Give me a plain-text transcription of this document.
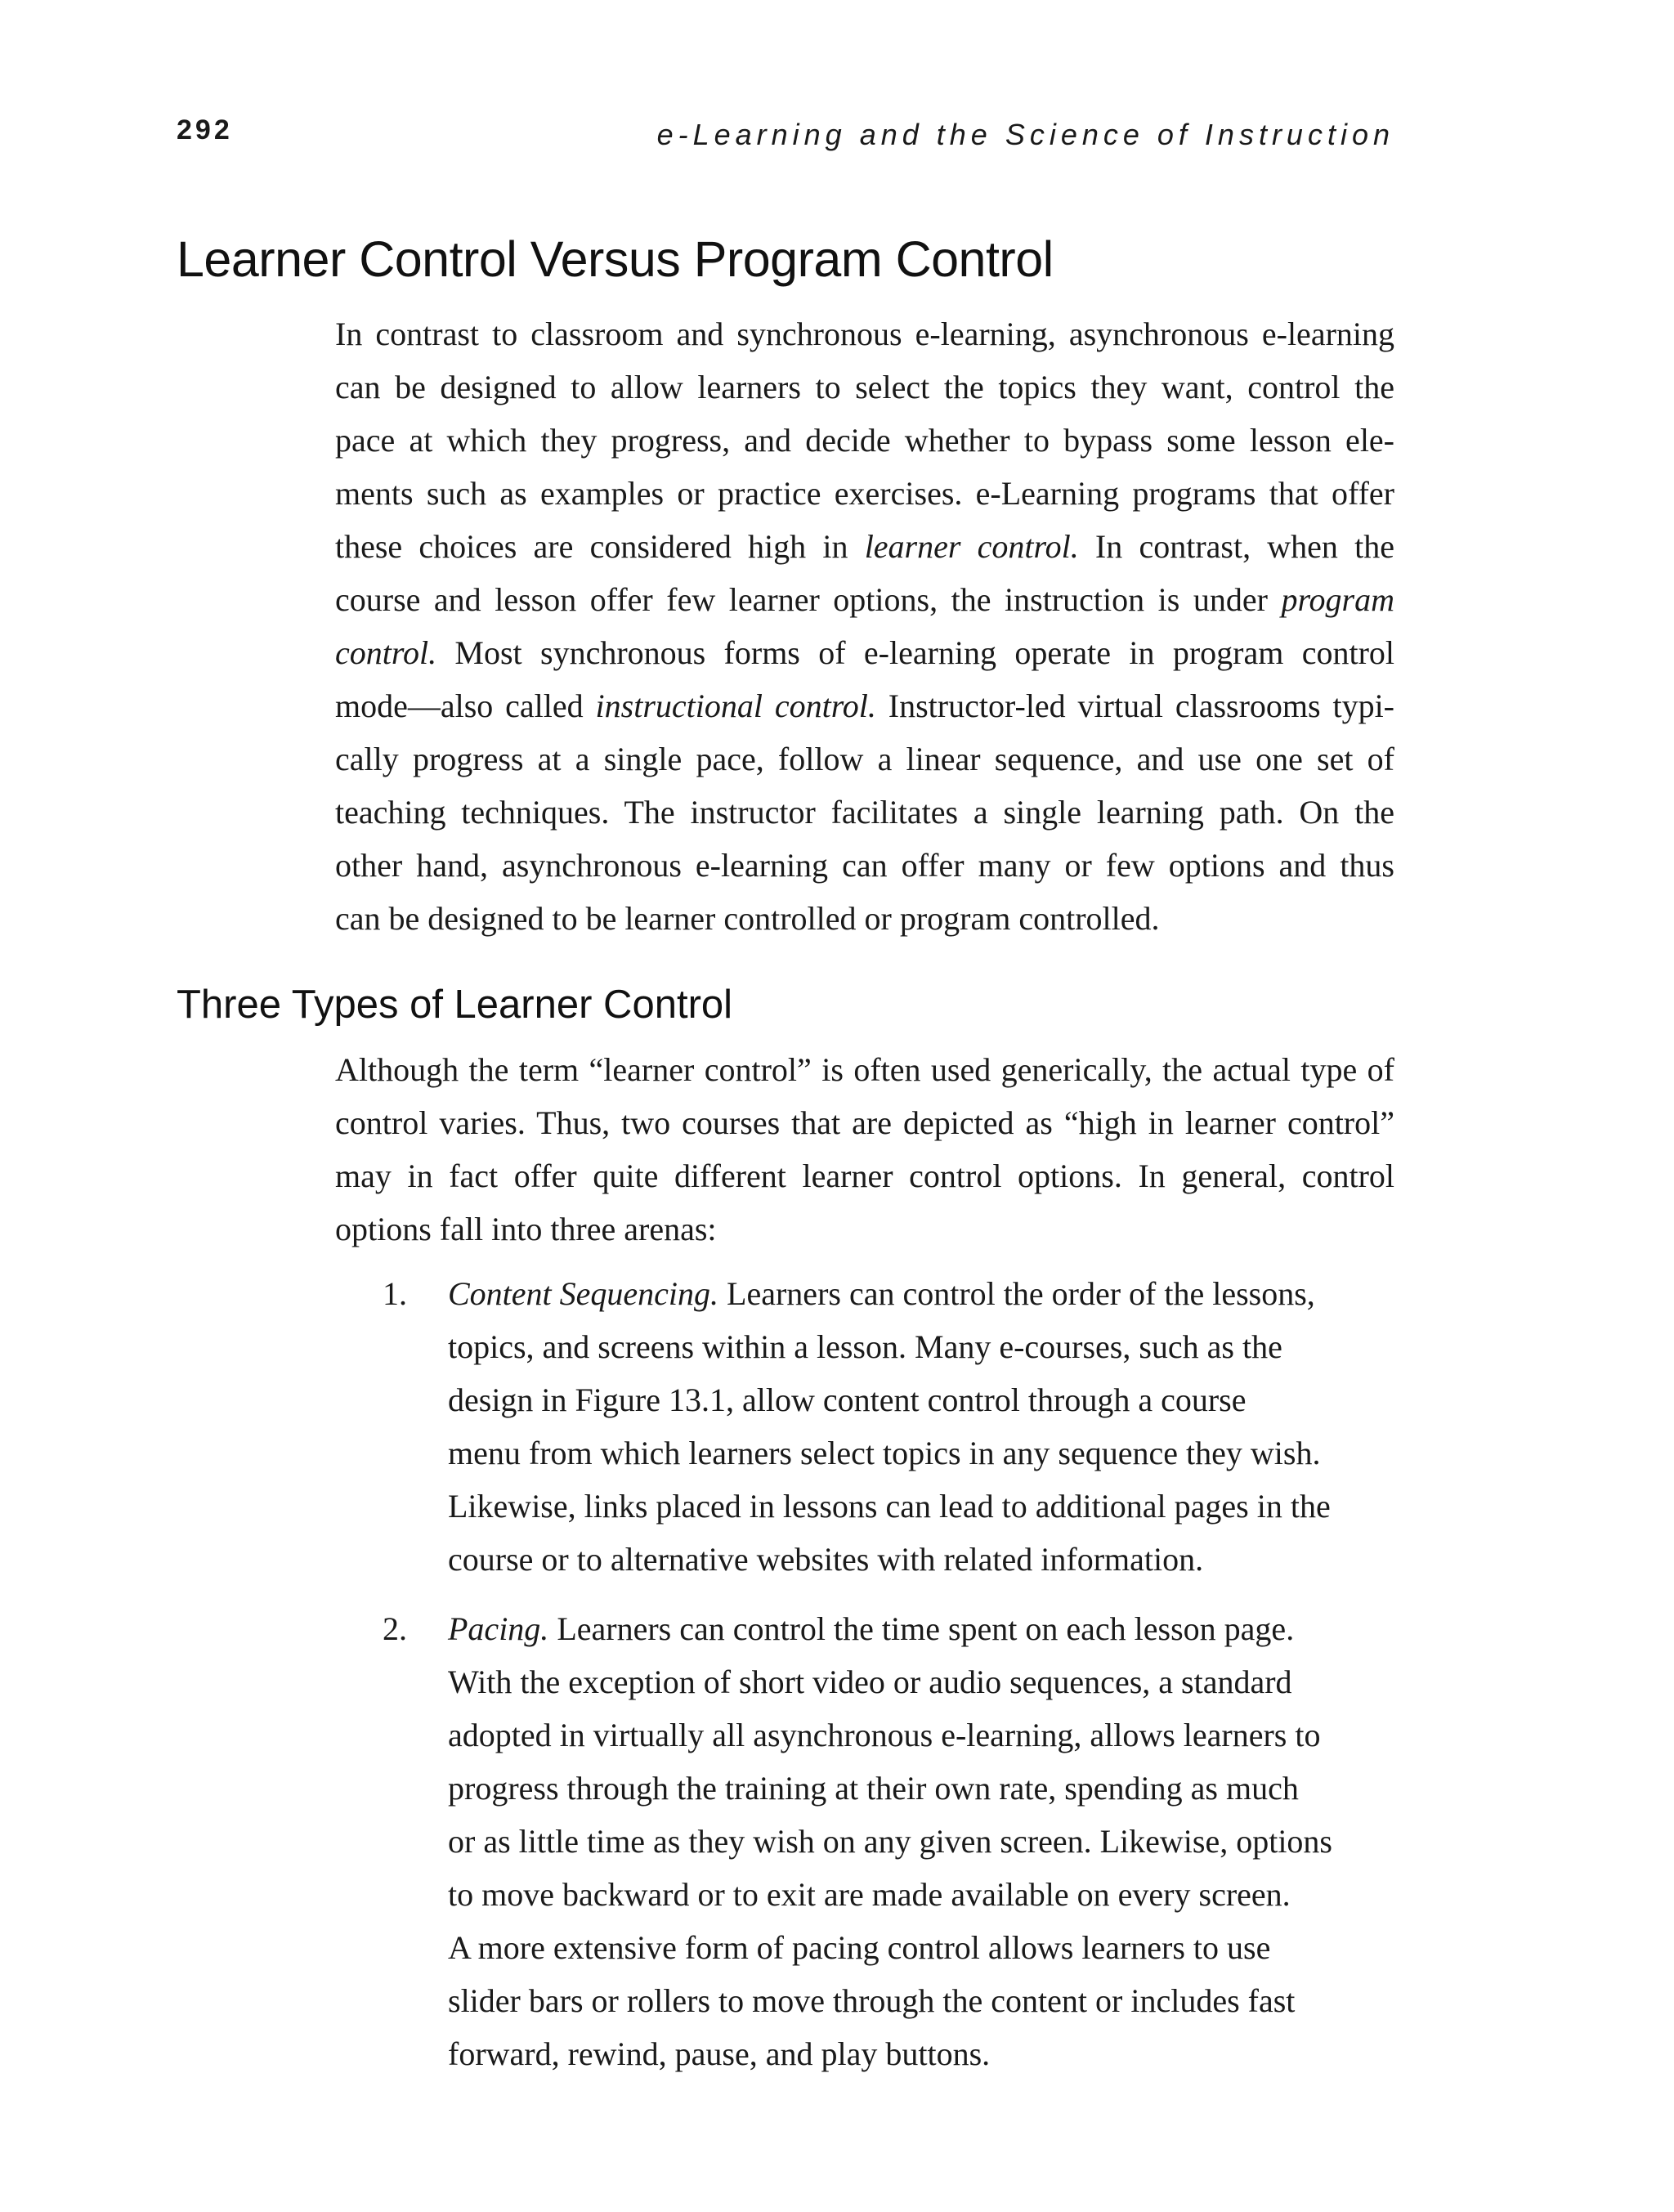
292	e-Learning and the Science of Instruction
Learner Control Versus Program Control

In contrast to classroom and synchronous e-learning, asynchronous e-learning
can be designed to allow learners to select the topics they want, control the
pace at which they progress, and decide whether to bypass some lesson ele-
ments such as examples or practice exercises. e-Learning programs that offer
these choices are considered high in learner control. In contrast, when the
course and lesson offer few learner options, the instruction is under program
control. Most synchronous forms of e-learning operate in program control
mode—also called instructional control. Instructor-led virtual classrooms typi-
cally progress at a single pace, follow a linear sequence, and use one set of
teaching techniques. The instructor facilitates a single learning path. On the
other hand, asynchronous e-learning can offer many or few options and thus
can be designed to be learner controlled or program controlled.

Three Types of Learner Control

Although the term “learner control” is often used generically, the actual type of
control varies. Thus, two courses that are depicted as “high in learner control”
may in fact offer quite different learner control options. In general, control
options fall into three arenas:

1. Content Sequencing. Learners can control the order of the lessons,
topics, and screens within a lesson. Many e-courses, such as the
design in Figure 13.1, allow content control through a course
menu from which learners select topics in any sequence they wish.
Likewise, links placed in lessons can lead to additional pages in the
course or to alternative websites with related information.
2. Pacing. Learners can control the time spent on each lesson page.
With the exception of short video or audio sequences, a standard
adopted in virtually all asynchronous e-learning, allows learners to
progress through the training at their own rate, spending as much
or as little time as they wish on any given screen. Likewise, options
to move backward or to exit are made available on every screen.
A more extensive form of pacing control allows learners to use
slider bars or rollers to move through the content or includes fast
forward, rewind, pause, and play buttons.
